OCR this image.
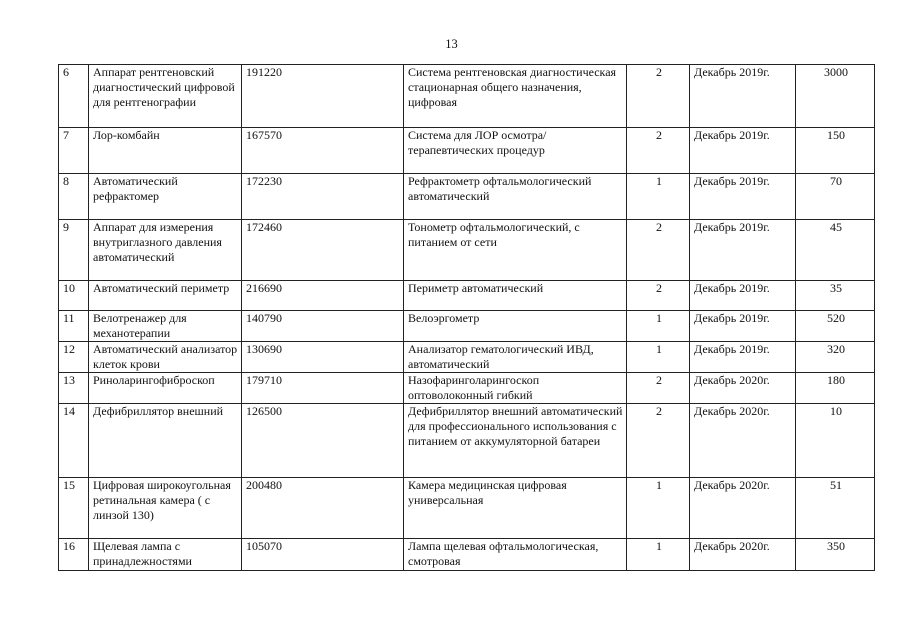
13
6	Аппарат рентгеновский диагностический цифровой для рентгенографии	191220	Система рентгеновская диагностическая стационарная общего назначения, цифровая	2	Декабрь 2019г.	3000
7	Лор-комбайн	167570	Система для ЛОР осмотра/терапевтических процедур	2	Декабрь 2019г.	150
8	Автоматический рефрактомер	172230	Рефрактометр офтальмологический автоматический	1	Декабрь 2019г.	70
9	Аппарат для измерения внутриглазного давления автоматический	172460	Тонометр офтальмологический, с питанием от сети	2	Декабрь 2019г.	45
10	Автоматический периметр	216690	Периметр автоматический	2	Декабрь 2019г.	35
11	Велотренажер для механотерапии	140790	Велоэргометр	1	Декабрь 2019г.	520
12	Автоматический анализатор клеток крови	130690	Анализатор гематологический ИВД, автоматический	1	Декабрь 2019г.	320
13	Риноларингофиброскоп	179710	Назофаринголарингоскоп оптоволоконный гибкий	2	Декабрь 2020г.	180
14	Дефибриллятор внешний	126500	Дефибриллятор внешний автоматический для профессионального использования с питанием от аккумуляторной батареи	2	Декабрь 2020г.	10
15	Цифровая широкоугольная ретинальная камера ( с линзой 130)	200480	Камера медицинская цифровая универсальная	1	Декабрь 2020г.	51
16	Щелевая лампа с принадлежностями	105070	Лампа щелевая офтальмологическая, смотровая	1	Декабрь 2020г.	350
